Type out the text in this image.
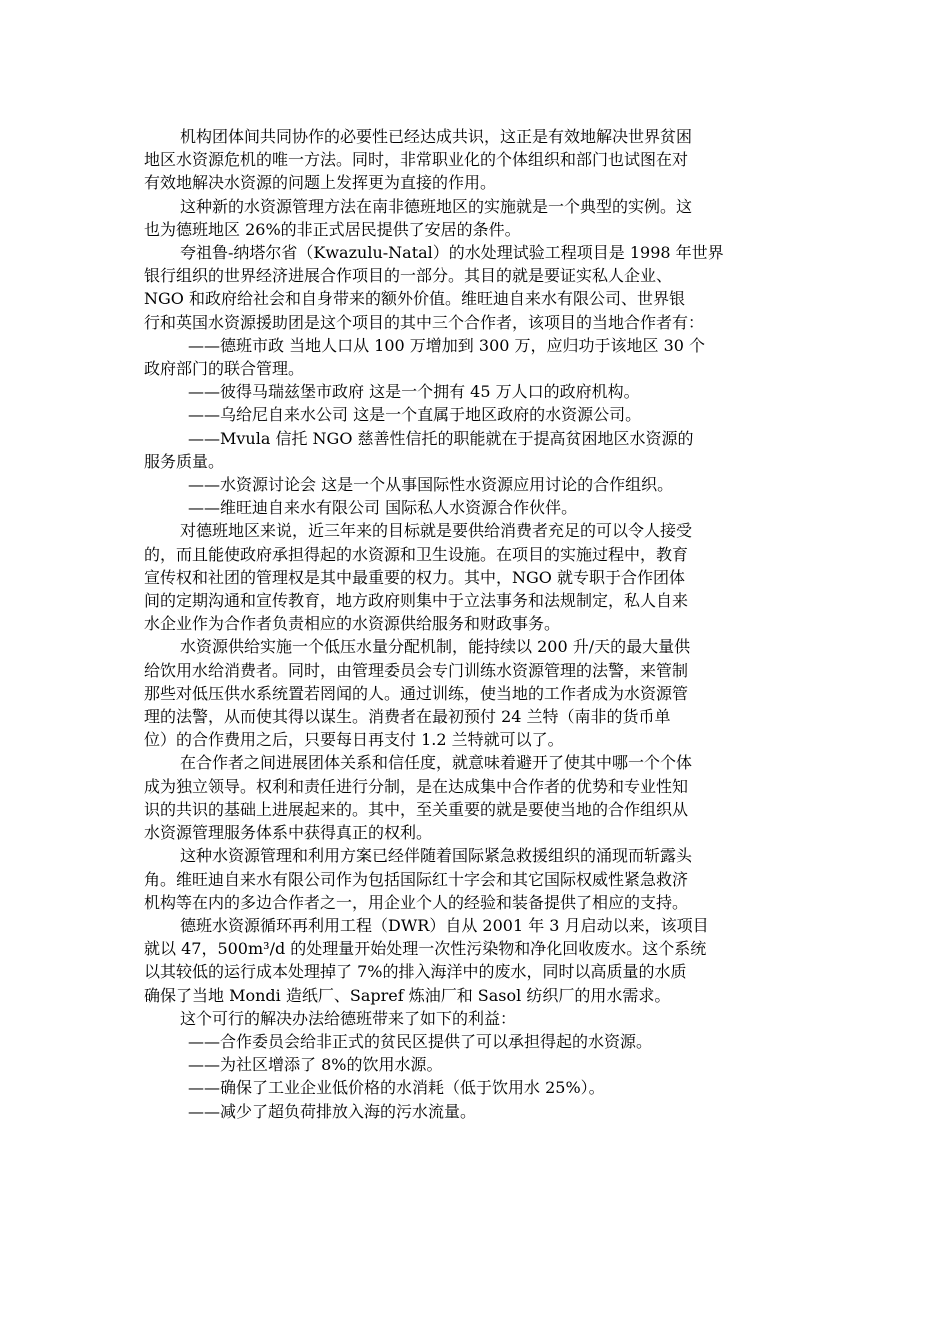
机构团体间共同协作的必要性已经达成共识，这正是有效地解决世界贫困

地区水资源危机的唯一方法。同时，非常职业化的个体组织和部门也试图在对

有效地解决水资源的问题上发挥更为直接的作用。

这种新的水资源管理方法在南非德班地区的实施就是一个典型的实例。这

也为德班地区 26%的非正式居民提供了安居的条件。

夸祖鲁-纳塔尔省（Kwazulu-Natal）的水处理试验工程项目是 1998 年世界

银行组织的世界经济进展合作项目的一部分。其目的就是要证实私人企业、

NGO 和政府给社会和自身带来的额外价值。维旺迪自来水有限公司、世界银

行和英国水资源援助团是这个项目的其中三个合作者，该项目的当地合作者有：

——德班市政 当地人口从 100 万增加到 300 万，应归功于该地区 30 个

政府部门的联合管理。

——彼得马瑞兹堡市政府 这是一个拥有 45 万人口的政府机构。

——乌给尼自来水公司 这是一个直属于地区政府的水资源公司。

——Mvula 信托 NGO 慈善性信托的职能就在于提高贫困地区水资源的

服务质量。

——水资源讨论会 这是一个从事国际性水资源应用讨论的合作组织。

——维旺迪自来水有限公司 国际私人水资源合作伙伴。

对德班地区来说，近三年来的目标就是要供给消费者充足的可以令人接受

的，而且能使政府承担得起的水资源和卫生设施。在项目的实施过程中，教育

宣传权和社团的管理权是其中最重要的权力。其中，NGO 就专职于合作团体

间的定期沟通和宣传教育，地方政府则集中于立法事务和法规制定，私人自来

水企业作为合作者负责相应的水资源供给服务和财政事务。

水资源供给实施一个低压水量分配机制，能持续以 200 升/天的最大量供

给饮用水给消费者。同时，由管理委员会专门训练水资源管理的法警，来管制

那些对低压供水系统置若罔闻的人。通过训练，使当地的工作者成为水资源管

理的法警，从而使其得以谋生。消费者在最初预付 24 兰特（南非的货币单

位）的合作费用之后，只要每日再支付 1.2 兰特就可以了。

在合作者之间进展团体关系和信任度，就意味着避开了使其中哪一个个体

成为独立领导。权利和责任进行分制，是在达成集中合作者的优势和专业性知

识的共识的基础上进展起来的。其中，至关重要的就是要使当地的合作组织从

水资源管理服务体系中获得真正的权利。

这种水资源管理和利用方案已经伴随着国际紧急救援组织的涌现而斩露头

角。维旺迪自来水有限公司作为包括国际红十字会和其它国际权威性紧急救济

机构等在内的多边合作者之一，用企业个人的经验和装备提供了相应的支持。

德班水资源循环再利用工程（DWR）自从 2001 年 3 月启动以来，该项目

就以 47，500m³/d 的处理量开始处理一次性污染物和净化回收废水。这个系统

以其较低的运行成本处理掉了 7%的排入海洋中的废水，同时以高质量的水质

确保了当地 Mondi 造纸厂、Sapref 炼油厂和 Sasol 纺织厂的用水需求。

这个可行的解决办法给德班带来了如下的利益：

——合作委员会给非正式的贫民区提供了可以承担得起的水资源。

——为社区增添了 8%的饮用水源。

——确保了工业企业低价格的水消耗（低于饮用水 25%）。

——减少了超负荷排放入海的污水流量。
